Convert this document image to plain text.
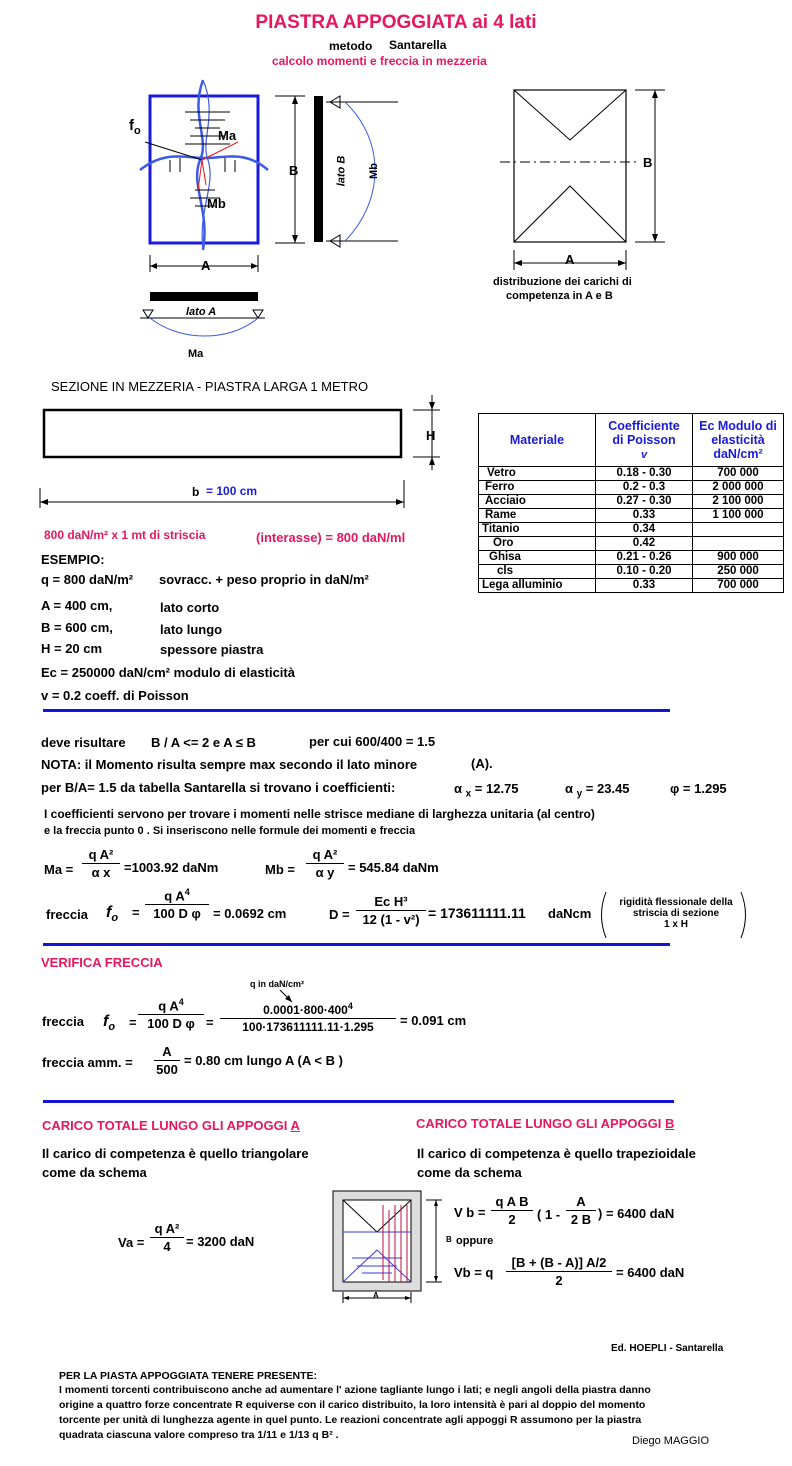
PIASTRA APPOGGIATA ai 4 lati
metodo Santarella
calcolo momenti e freccia in mezzeria
$f_o$	Ma
Mb
B
A
lato B Mb
lato A
Ma
B
A
distribuzione dei carichi di
competenza in A e B
SEZIONE IN MEZZERIA - PIASTRA LARGA 1 METRO
H
b = 100 cm
Materiale	Coefficiente
di Poisson
v	Ec Modulo di
elasticità
daN/cm²
Vetro	0.18 - 0.30	700 000
Ferro	0.2 - 0.3	2 000 000
Acciaio	0.27 - 0.30	2 100 000
Rame	0.33	1 100 000
Titanio	0.34	
Oro	0.42	
Ghisa	0.21 - 0.26	900 000
cls	0.10 - 0.20	250 000
Lega alluminio	0.33	700 000
800 daN/m² x 1 mt di striscia	(interasse) = 800 daN/ml
ESEMPIO:
q = 800 daN/m² sovracc. + peso proprio in daN/m²
A = 400 cm,	lato corto
B = 600 cm,	lato lungo
H = 20 cm	spessore piastra
Ec = 250000 daN/cm² modulo di elasticità
v = 0.2 coeff. di Poisson
deve risultare B / A <= 2 e A ≤ B	per cui 600/400 = 1.5
NOTA: il Momento risulta sempre max secondo il lato minore	(A).
per B/A= 1.5 da tabella Santarella si trovano i coefficienti:	α $_x$ = 12.75	α $_y$ = 23.45	φ = 1.295
I coefficienti servono per trovare i momenti nelle strisce mediane di larghezza unitaria (al centro)
e la freccia punto 0 . Si inseriscono nelle formule dei momenti e freccia
$Ma = \frac{\text{q A²}}{\text{α x}} =1003.92$ daNm	$Mb = \frac{\text{q A²}}{\text{α y}} = 545.84$ daNm
freccia $f_o = \frac{q A^4}{\text{100 D φ}} = 0.0692$ cm	$D = \frac{\text{Ec H³}}{\text{12 (1 - v²)}} = 173611111.11$ daNcm
rigidità flessionale della
striscia di sezione
1 x H
VERIFICA FRECCIA
q in daN/cm²
freccia $f_o = \frac{q A^4}{\text{100 D φ}} = \frac{0.0001\cdot 800\cdot 400^4}{100\cdot 173611111.11\cdot 1.295} = 0.091$ cm
freccia amm. = $\frac{A}{500} = 0.80$ cm lungo A (A < B )
CARICO TOTALE LUNGO GLI APPOGGI A
Il carico di competenza è quello triangolare
come da schema
$Va = \frac{\text{q A²}}{4} = 3200$ daN	B
A
CARICO TOTALE LUNGO GLI APPOGGI B
Il carico di competenza è quello trapezioidale
come da schema
V $b = \frac{\text{q A B}}{2}$ ( $1 - \frac{A}{2 B}$ ) = 6400 daN
oppure
Vb = q $\frac{[B + (B - A)] A/2}{2} = 6400$ daN
Ed. HOEPLI - Santarella
PER LA PIASTA APPOGGIATA TENERE PRESENTE:
I momenti torcenti contribuiscono anche ad aumentare l' azione tagliante lungo i lati; e negli angoli della piastra danno
origine a quattro forze concentrate R equiverse con il carico distribuito, la loro intensità è pari al doppio del momento
torcente per unità di lunghezza agente in quel punto. Le reazioni concentrate agli appoggi R assumono per la piastra
quadrata ciascuna valore compreso tra 1/11 e 1/13 q B² .	Diego MAGGIO
